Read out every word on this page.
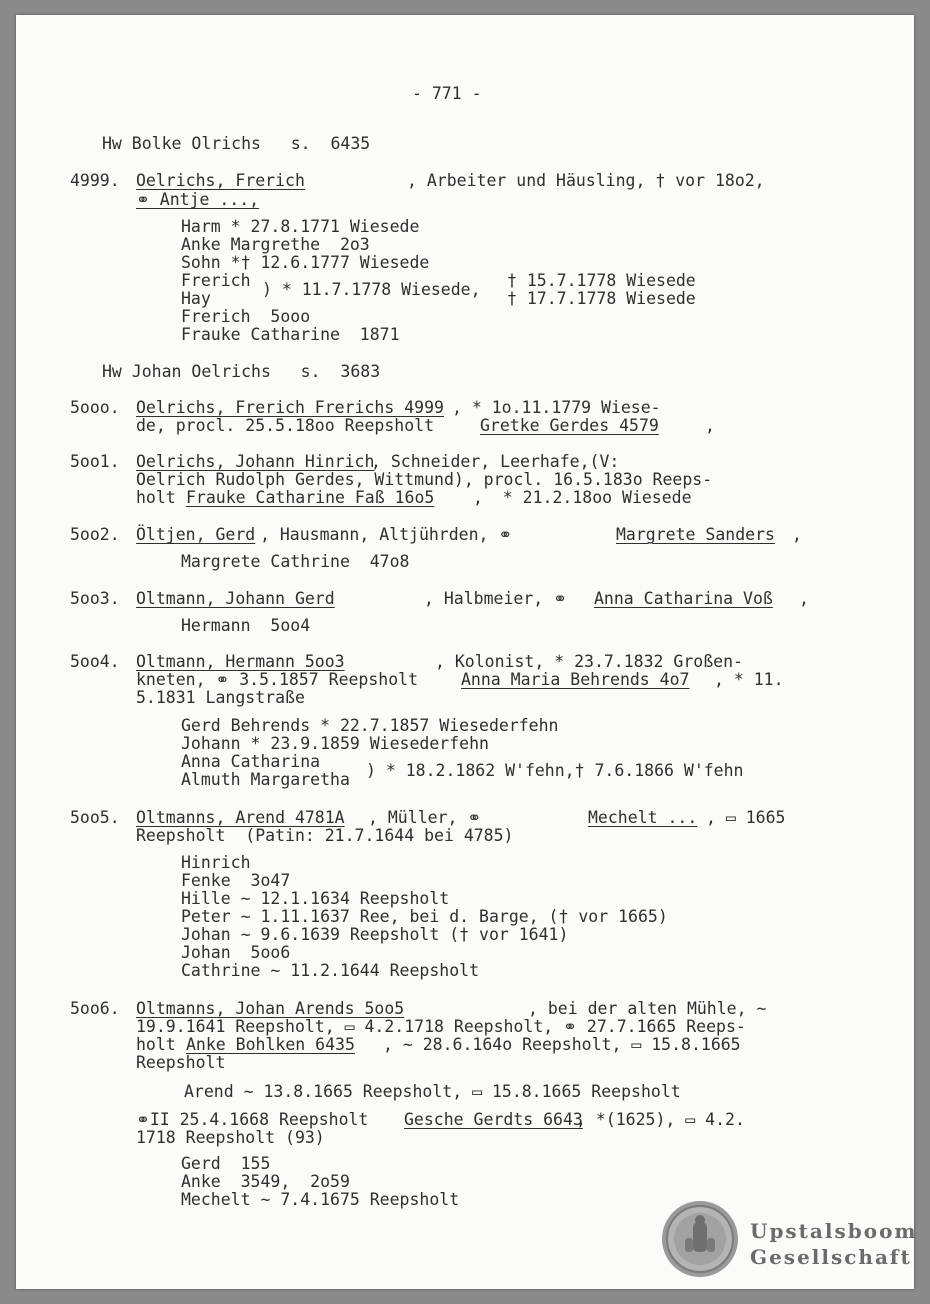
- 771 -
Hw Bolke Olrichs   s.  6435
4999. Oelrichs, Frerich	, Arbeiter und Häusling, † vor 18o2,
⚭ Antje ...,
Harm * 27.8.1771 Wiesede
Anke Margrethe  2o3
Sohn *† 12.6.1777 Wiesede
Frerich ) * 11.7.1778 Wiesede, † 15.7.1778 Wiesede
Hay	† 17.7.1778 Wiesede
Frerich  5ooo
Frauke Catharine  1871
Hw Johan Oelrichs   s.  3683
5ooo. Oelrichs, Frerich Frerichs 4999 , * 1o.11.1779 Wiese-
de, procl. 25.5.18oo Reepsholt Gretke Gerdes 4579	,
5oo1. Oelrichs, Johann Hinrich
, Schneider, Leerhafe,(V:
Oelrich Rudolph Gerdes, Wittmund), procl. 16.5.183o Reeps-
holt Frauke Catharine Faß 16o5 ,  * 21.2.18oo Wiesede
5oo2. Öltjen, Gerd , Hausmann, Altjührden, ⚭	Margrete Sanders ,
Margrete Cathrine  47o8
5oo3. Oltmann, Johann Gerd	, Halbmeier, ⚭ Anna Catharina Voß ,
Hermann  5oo4
5oo4. Oltmann, Hermann 5oo3	, Kolonist, * 23.7.1832 Großen-
kneten, ⚭ 3.5.1857 Reepsholt Anna Maria Behrends 4o7 , * 11.
5.1831 Langstraße
Gerd Behrends * 22.7.1857 Wiesederfehn
Johann * 23.9.1859 Wiesederfehn
Anna Catharina	) * 18.2.1862 W'fehn,† 7.6.1866 W'fehn
Almuth Margaretha
5oo5. Oltmanns, Arend 4781A , Müller, ⚭	Mechelt ... , ▭ 1665
Reepsholt  (Patin: 21.7.1644 bei 4785)
Hinrich
Fenke  3o47
Hille ~ 12.1.1634 Reepsholt
Peter ~ 1.11.1637 Ree, bei d. Barge, († vor 1665)
Johan ~ 9.6.1639 Reepsholt († vor 1641)
Johan  5oo6
Cathrine ~ 11.2.1644 Reepsholt
5oo6. Oltmanns, Johan Arends 5oo5	, bei der alten Mühle, ~
19.9.1641 Reepsholt, ▭ 4.2.1718 Reepsholt, ⚭ 27.7.1665 Reeps-
holt Anke Bohlken 6435 , ~ 28.6.164o Reepsholt, ▭ 15.8.1665
Reepsholt
Arend ~ 13.8.1665 Reepsholt, ▭ 15.8.1665 Reepsholt
⚭II 25.4.1668 Reepsholt Gesche Gerdts 6643
, *(1625), ▭ 4.2.
1718 Reepsholt (93)
Gerd  155
Anke  3549,  2o59
Mechelt ~ 7.4.1675 Reepsholt
Upstalsboom
Gesellschaft
